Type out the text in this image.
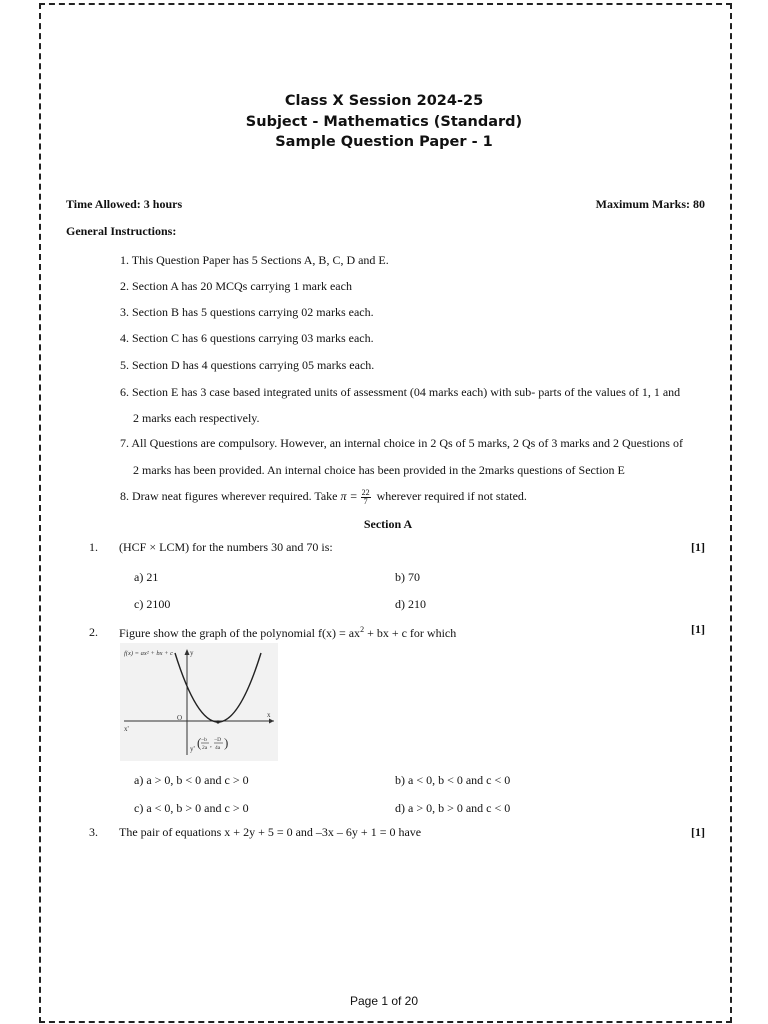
Class X Session 2024-25
Subject - Mathematics (Standard)
Sample Question Paper - 1
Time Allowed: 3 hours	Maximum Marks: 80
General Instructions:
1. This Question Paper has 5 Sections A, B, C, D and E.
2. Section A has 20 MCQs carrying 1 mark each
3. Section B has 5 questions carrying 02 marks each.
4. Section C has 6 questions carrying 03 marks each.
5. Section D has 4 questions carrying 05 marks each.
6. Section E has 3 case based integrated units of assessment (04 marks each) with sub- parts of the values of 1, 1 and
2 marks each respectively.
7. All Questions are compulsory. However, an internal choice in 2 Qs of 5 marks, 2 Qs of 3 marks and 2 Questions of
2 marks has been provided. An internal choice has been provided in the 2marks questions of Section E
8. Draw neat figures wherever required. Take $\pi = \frac{22}{7}$ wherever required if not stated.
Section A
1. (HCF × LCM) for the numbers 30 and 70 is:	[1]
a) 21	b) 70
c) 2100	d) 210
2. Figure show the graph of the polynomial $f(x) = ax^2$ + bx + c for which	[1]
f(x) = ax² + bx + c y
y'
x
x'
O
( −b
2a ,
−D
4a )
a) a > 0, b < 0 and c > 0	b) a < 0, b < 0 and c < 0
c) a < 0, b > 0 and c > 0	d) a > 0, b > 0 and c < 0
3. The pair of equations x + 2y + 5 = 0 and –3x – 6y + 1 = 0 have	[1]
Page 1 of 20
